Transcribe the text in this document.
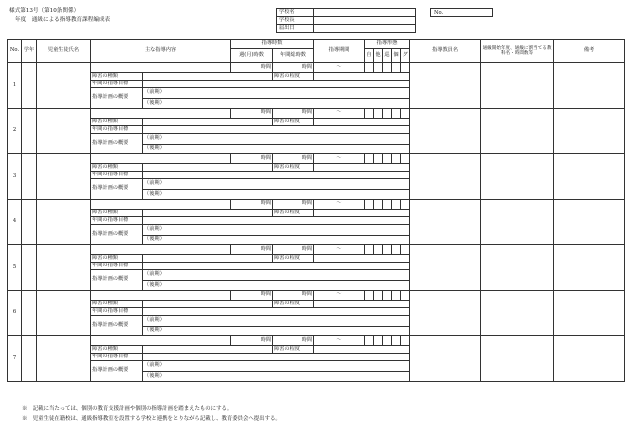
様式第13号（第10条関係）
年度　通級による指導教育課程編成表
学校名	
学校長	
届出日	
No.
No.	学年	児童生徒氏名	主な指導内容		指導時数		指導期間	指導形態					指導教員名	通級開始年度、通級に割当てる教科名・時間数等	備考
					週(月)時数	年間総時数		自	他	巡	個	グ			
1					時間	時間	～								
			障害の種類			障害の程度									
			年間の指導目標												
			指導計画の概要	（前期）											
				（後期）											
2					時間	時間	～								
			障害の種類			障害の程度									
			年間の指導目標												
			指導計画の概要	（前期）											
				（後期）											
3					時間	時間	～								
			障害の種類			障害の程度									
			年間の指導目標												
			指導計画の概要	（前期）											
				（後期）											
4					時間	時間	～								
			障害の種類			障害の程度									
			年間の指導目標												
			指導計画の概要	（前期）											
				（後期）											
5					時間	時間	～								
			障害の種類			障害の程度									
			年間の指導目標												
			指導計画の概要	（前期）											
				（後期）											
6					時間	時間	～								
			障害の種類			障害の程度									
			年間の指導目標												
			指導計画の概要	（前期）											
				（後期）											
7					時間	時間	～								
			障害の種類			障害の程度									
			年間の指導目標												
			指導計画の概要	（前期）											
				（後期）											
※　記載に当たっては、個別の教育支援計画や個別の指導計画を踏まえたものにする。
※　児童生徒在籍校は、通級指導教室を設置する学校と連携をとりながら記載し、教育委員会へ提出する。
